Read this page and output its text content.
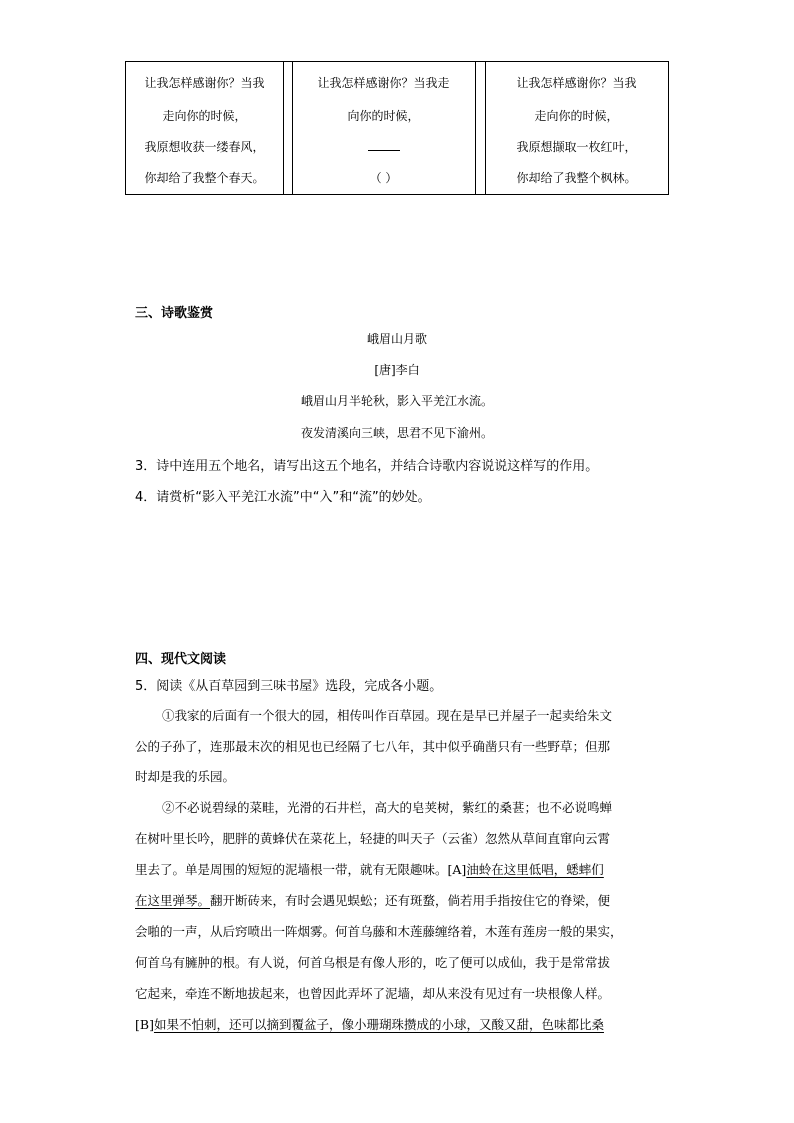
让我怎样感谢你？当我
走向你的时候，
我原想收获一缕春风，
你却给了我整个春天。
让我怎样感谢你？当我走
向你的时候，
（ ）
让我怎样感谢你？当我
走向你的时候，
我原想撷取一枚红叶，
你却给了我整个枫林。
三、诗歌鉴赏
峨眉山月歌
[唐]李白
峨眉山月半轮秋，影入平羌江水流。
夜发清溪向三峡，思君不见下渝州。
3．诗中连用五个地名，请写出这五个地名，并结合诗歌内容说说这样写的作用。
4．请赏析“影入平羌江水流”中“入”和“流”的妙处。
四、现代文阅读
5．阅读《从百草园到三味书屋》选段，完成各小题。
①我家的后面有一个很大的园，相传叫作百草园。现在是早已并屋子一起卖给朱文
公的子孙了，连那最末次的相见也已经隔了七八年，其中似乎确凿只有一些野草；但那
时却是我的乐园。
②不必说碧绿的菜畦，光滑的石井栏，高大的皂荚树，紫红的桑葚；也不必说鸣蝉
在树叶里长吟，肥胖的黄蜂伏在菜花上，轻捷的叫天子（云雀）忽然从草间直窜向云霄
里去了。单是周围的短短的泥墙根一带，就有无限趣味。[A]油蛉在这里低唱，蟋蟀们
在这里弹琴。翻开断砖来，有时会遇见蜈蚣；还有斑蝥，倘若用手指按住它的脊梁，便
会啪的一声，从后窍喷出一阵烟雾。何首乌藤和木莲藤缠络着，木莲有莲房一般的果实，
何首乌有臃肿的根。有人说，何首乌根是有像人形的，吃了便可以成仙，我于是常常拔
它起来，牵连不断地拔起来，也曾因此弄坏了泥墙，却从来没有见过有一块根像人样。
[B]如果不怕刺，还可以摘到覆盆子，像小珊瑚珠攒成的小球，又酸又甜，色味都比桑
